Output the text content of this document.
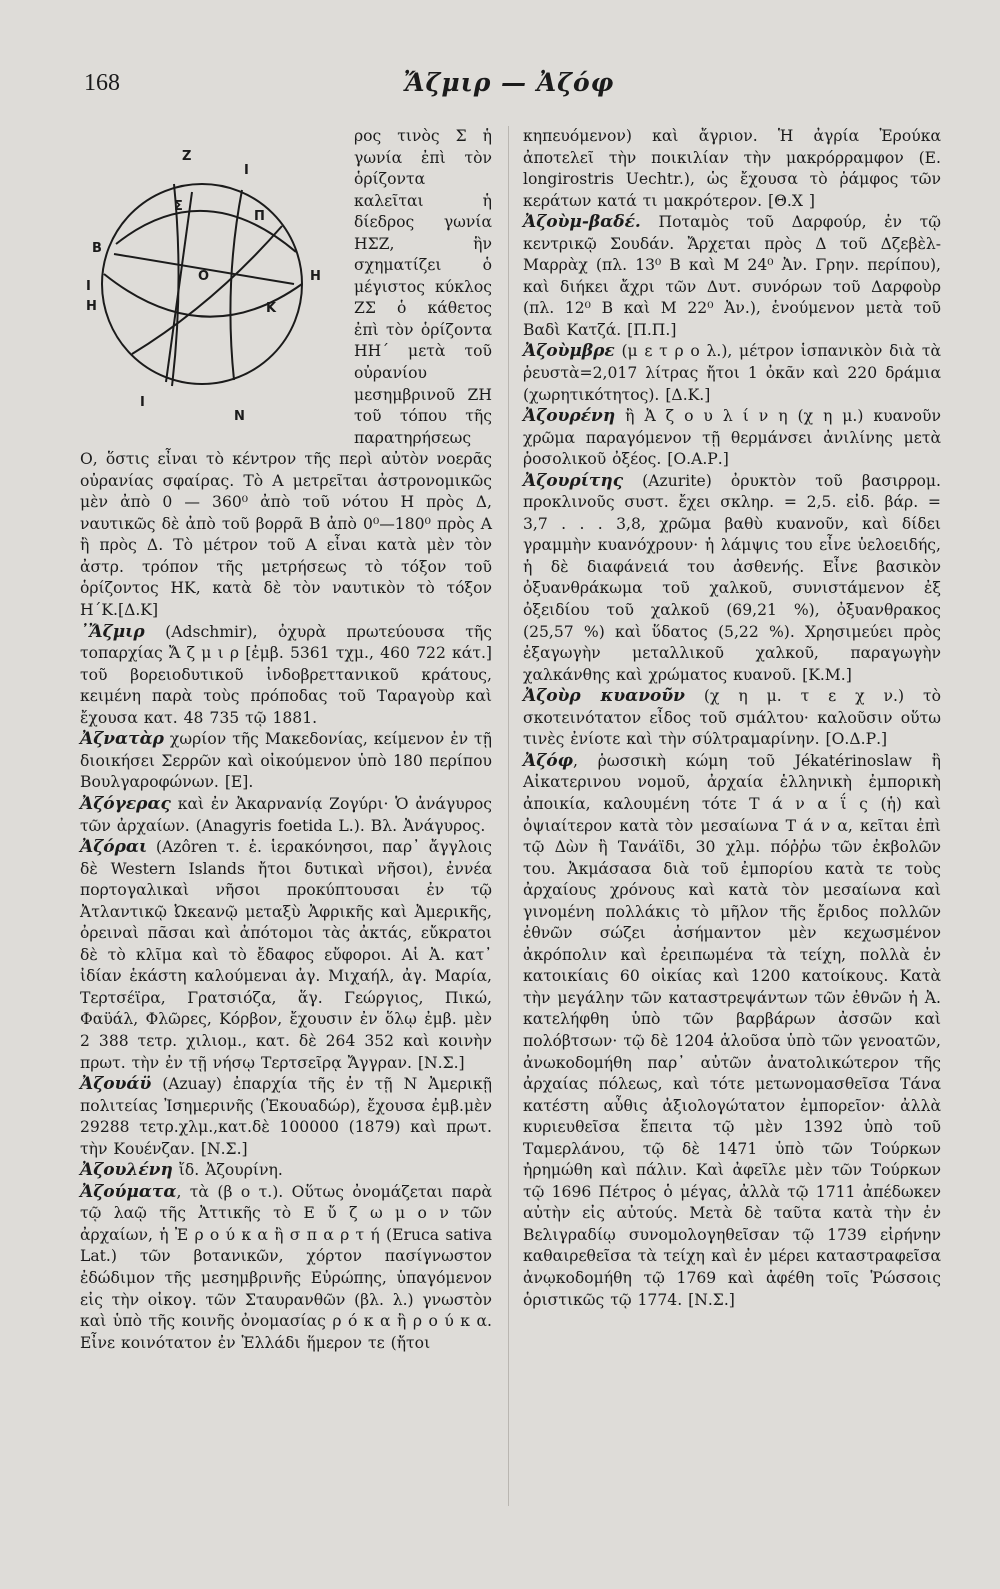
168	Ἄζμιρ — Ἀζόφ
Z
I
Σ
Π
B
O	H
K
I
H
I
N

ρος τινὸς Σ ἡ γωνία ἐπὶ τὸν ὁρίζοντα καλεῖται ἡ δίεδρος γωνία ΗΣΖ, ἣν σχηματίζει ὁ μέγιστος κύκλος ΖΣ ὁ κάθετος ἐπὶ τὸν ὁρίζοντα ΗΗ΄ μετὰ τοῦ οὐρανίου μεσημβρινοῦ ΖΗ τοῦ τόπου τῆς παρατηρήσεως Ο, ὅστις εἶναι τὸ κέντρον τῆς περὶ αὐτὸν νοερᾶς οὐρανίας σφαίρας. Τὸ Α μετρεῖται ἀστρονομικῶς μὲν ἀπὸ 0 — 360⁰ ἀπὸ τοῦ νότου Η πρὸς Δ, ναυτικῶς δὲ ἀπὸ τοῦ βορρᾶ Β ἀπὸ 0⁰—180⁰ πρὸς Α ἢ πρὸς Δ. Τὸ μέτρον τοῦ Α εἶναι κατὰ μὲν τὸν ἀστρ. τρόπον τῆς μετρήσεως τὸ τόξον τοῦ ὁρίζοντος ΗΚ, κατὰ δὲ τὸν ναυτικὸν τὸ τόξον Η΄Κ.[Δ.Κ]

᾿Ἄζμιρ (Adschmir), ὀχυρὰ πρωτεύουσα τῆς τοπαρχίας Ἄ ζ μ ι ρ [ἐμβ. 5361 τχμ., 460 722 κάτ.] τοῦ βορειοδυτικοῦ ἰνδοβρεττανικοῦ κράτους, κειμένη παρὰ τοὺς πρόποδας τοῦ Ταραγοὺρ καὶ ἔχουσα κατ. 48 735 τῷ 1881.

Ἀζνατὰρ χωρίον τῆς Μακεδονίας, κείμενον ἐν τῇ διοικήσει Σερρῶν καὶ οἰκούμενον ὑπὸ 180 περίπου Βουλγαροφώνων. [Ε].

Ἀζόγερας καὶ ἐν Ἀκαρνανίᾳ Ζογύρι· Ὁ ἀνάγυρος τῶν ἀρχαίων. (Anagyris foetida L.). Βλ. Ἀνάγυρος.

Ἀζόραι (Azôren τ. ἑ. ἱερακόνησοι, παρ᾿ ἄγγλοις δὲ Western Islands ἤτοι δυτικαὶ νῆσοι), ἐννέα πορτογαλικαὶ νῆσοι προκύπτουσαι ἐν τῷ Ἀτλαντικῷ Ὠκεανῷ μεταξὺ Ἀφρικῆς καὶ Ἀμερικῆς, ὀρειναὶ πᾶσαι καὶ ἀπότομοι τὰς ἀκτάς, εὔκρατοι δὲ τὸ κλῖμα καὶ τὸ ἔδαφος εὔφοροι. Αἱ Ἀ. κατ᾿ ἰδίαν ἑκάστη καλούμεναι ἀγ. Μιχαήλ, ἀγ. Μαρία, Τερτσέϊρα, Γρατσιόζα, ἅγ. Γεώργιος, Πικώ, Φαϋάλ, Φλῶρες, Κόρβον, ἔχουσιν ἐν ὅλῳ ἐμβ. μὲν 2 388 τετρ. χιλιομ., κατ. δὲ 264 352 καὶ κοινὴν πρωτ. τὴν ἐν τῇ νήσῳ Τερτσεῖρᾳ Ἄγγραν. [Ν.Σ.]

Ἀζουάϋ (Azuay) ἐπαρχία τῆς ἐν τῇ Ν Ἀμερικῇ πολιτείας Ἰσημερινῆς (Ἐκουαδώρ), ἔχουσα ἐμβ.μὲν 29288 τετρ.χλμ.,κατ.δὲ 100000 (1879) καὶ πρωτ. τὴν Κουένζαν. [Ν.Σ.]

Ἀζουλένη ἴδ. Ἀζουρίνη.

Ἀζούματα, τὰ (β ο τ.). Οὕτως ὀνομάζεται παρὰ τῷ λαῷ τῆς Ἀττικῆς τὸ Ε ὔ ζ ω μ ο ν τῶν ἀρχαίων, ἡ Ἐ ρ ο ύ κ α ἢ σ π α ρ τ ή (Eruca sativa Lat.) τῶν βοτανικῶν, χόρτον πασίγνωστον ἐδώδιμον τῆς μεσημβρινῆς Εὐρώπης, ὑπαγόμενον εἰς τὴν οἰκογ. τῶν Σταυρανθῶν (βλ. λ.) γνωστὸν καὶ ὑπὸ τῆς κοινῆς ὀνομασίας ρ ό κ α ἢ ρ ο ύ κ α. Εἶνε κοινότατον ἐν Ἑλλάδι ἥμερον τε (ἤτοι

κηπευόμενον) καὶ ἄγριον. Ἡ ἀγρία Ἐρούκα ἀποτελεῖ τὴν ποικιλίαν τὴν μακρόρραμφον (E. longirostris Uechtr.), ὡς ἔχουσα τὸ ῥάμφος τῶν κεράτων κατά τι μακρότερον. [Θ.Χ ]

Ἀζοὺμ-βαδέ. Ποταμὸς τοῦ Δαρφούρ, ἐν τῷ κεντρικῷ Σουδάν. Ἄρχεται πρὸς Δ τοῦ Δζεβὲλ-Μαρρὰχ (πλ. 13⁰ Β καὶ Μ 24⁰ Ἀν. Γρην. περίπου), καὶ διήκει ἄχρι τῶν Δυτ. συνόρων τοῦ Δαρφοὺρ (πλ. 12⁰ Β καὶ Μ 22⁰ Ἀν.), ἑνούμενον μετὰ τοῦ Βαδὶ Κατζά. [Π.Π.]

Ἀζοὺμβρε (μ ε τ ρ ο λ.), μέτρον ἱσπανικὸν διὰ τὰ ῥευστὰ=2,017 λίτρας ἤτοι 1 ὀκᾶν καὶ 220 δράμια (χωρητικότητος). [Δ.Κ.]

Ἀζουρένη ἢ Ἀ ζ ο υ λ ί ν η (χ η μ.) κυανοῦν χρῶμα παραγόμενον τῇ θερμάνσει ἀνιλίνης μετὰ ῥοσολικοῦ ὀξέος. [Ο.Α.Ρ.]

Ἀζουρίτης (Azurite) ὀρυκτὸν τοῦ βασιρρομ. προκλινοῦς συστ. ἔχει σκληρ. = 2,5. εἰδ. βάρ. = 3,7 . . . 3,8, χρῶμα βαθὺ κυανοῦν, καὶ δίδει γραμμὴν κυανόχρουν· ἡ λάμψις του εἶνε ὑελοειδής, ἡ δὲ διαφάνειά του ἀσθενής. Εἶνε βασικὸν ὀξυανθράκωμα τοῦ χαλκοῦ, συνιστάμενον ἐξ ὀξειδίου τοῦ χαλκοῦ (69,21 %), ὀξυανθρακος (25,57 %) καὶ ὕδατος (5,22 %). Χρησιμεύει πρὸς ἐξαγωγὴν μεταλλικοῦ χαλκοῦ, παραγωγὴν χαλκάνθης καὶ χρώματος κυανοῦ. [Κ.Μ.]

Ἀζοὺρ κυανοῦν (χ η μ. τ ε χ ν.) τὸ σκοτεινότατον εἶδος τοῦ σμάλτου· καλοῦσιν οὕτω τινὲς ἐνίοτε καὶ τὴν σύλτραμαρίνην. [Ο.Δ.Ρ.]

Ἀζόφ, ῥωσσικὴ κώμη τοῦ Jékatérinoslaw ἢ Αἰκατερινου νομοῦ, ἀρχαία ἑλληνικὴ ἐμπορικὴ ἀποικία, καλουμένη τότε Τ ά ν α ΐ ς (ἡ) καὶ ὀψιαίτερον κατὰ τὸν μεσαίωνα Τ ά ν α, κεῖται ἐπὶ τῷ Δὼν ἢ Τανάϊδι, 30 χλμ. πόῤῥω τῶν ἐκβολῶν του. Ἀκμάσασα διὰ τοῦ ἐμπορίου κατὰ τε τοὺς ἀρχαίους χρόνους καὶ κατὰ τὸν μεσαίωνα καὶ γινομένη πολλάκις τὸ μῆλον τῆς ἔριδος πολλῶν ἐθνῶν σώζει ἀσήμαντον μὲν κεχωσμένον ἀκρόπολιν καὶ ἐρειπωμένα τὰ τείχη, πολλὰ ἐν κατοικίαις 60 οἰκίας καὶ 1200 κατοίκους. Κατὰ τὴν μεγάλην τῶν καταστρεψάντων τῶν ἐθνῶν ἡ Ἀ. κατελήφθη ὑπὸ τῶν βαρβάρων ἀσσῶν καὶ πολόβτσων· τῷ δὲ 1204 ἁλοῦσα ὑπὸ τῶν γενοατῶν, ἀνωκοδομήθη παρ᾿ αὐτῶν ἀνατολικώτερον τῆς ἀρχαίας πόλεως, καὶ τότε μετωνομασθεῖσα Τάνα κατέστη αὖθις ἀξιολογώτατον ἐμπορεῖον· ἀλλὰ κυριευθεῖσα ἔπειτα τῷ μὲν 1392 ὑπὸ τοῦ Ταμερλάνου, τῷ δὲ 1471 ὑπὸ τῶν Τούρκων ἠρημώθη καὶ πάλιν. Καὶ ἀφεῖλε μὲν τῶν Τούρκων τῷ 1696 Πέτρος ὁ μέγας, ἀλλὰ τῷ 1711 ἀπέδωκεν αὐτὴν εἰς αὐτούς. Μετὰ δὲ ταῦτα κατὰ τὴν ἐν Βελιγραδίῳ συνομολογηθεῖσαν τῷ 1739 εἰρήνην καθαιρεθεῖσα τὰ τείχη καὶ ἐν μέρει καταστραφεῖσα ἀνῳκοδομήθη τῷ 1769 καὶ ἀφέθη τοῖς Ῥώσσοις ὁριστικῶς τῷ 1774. [Ν.Σ.]
